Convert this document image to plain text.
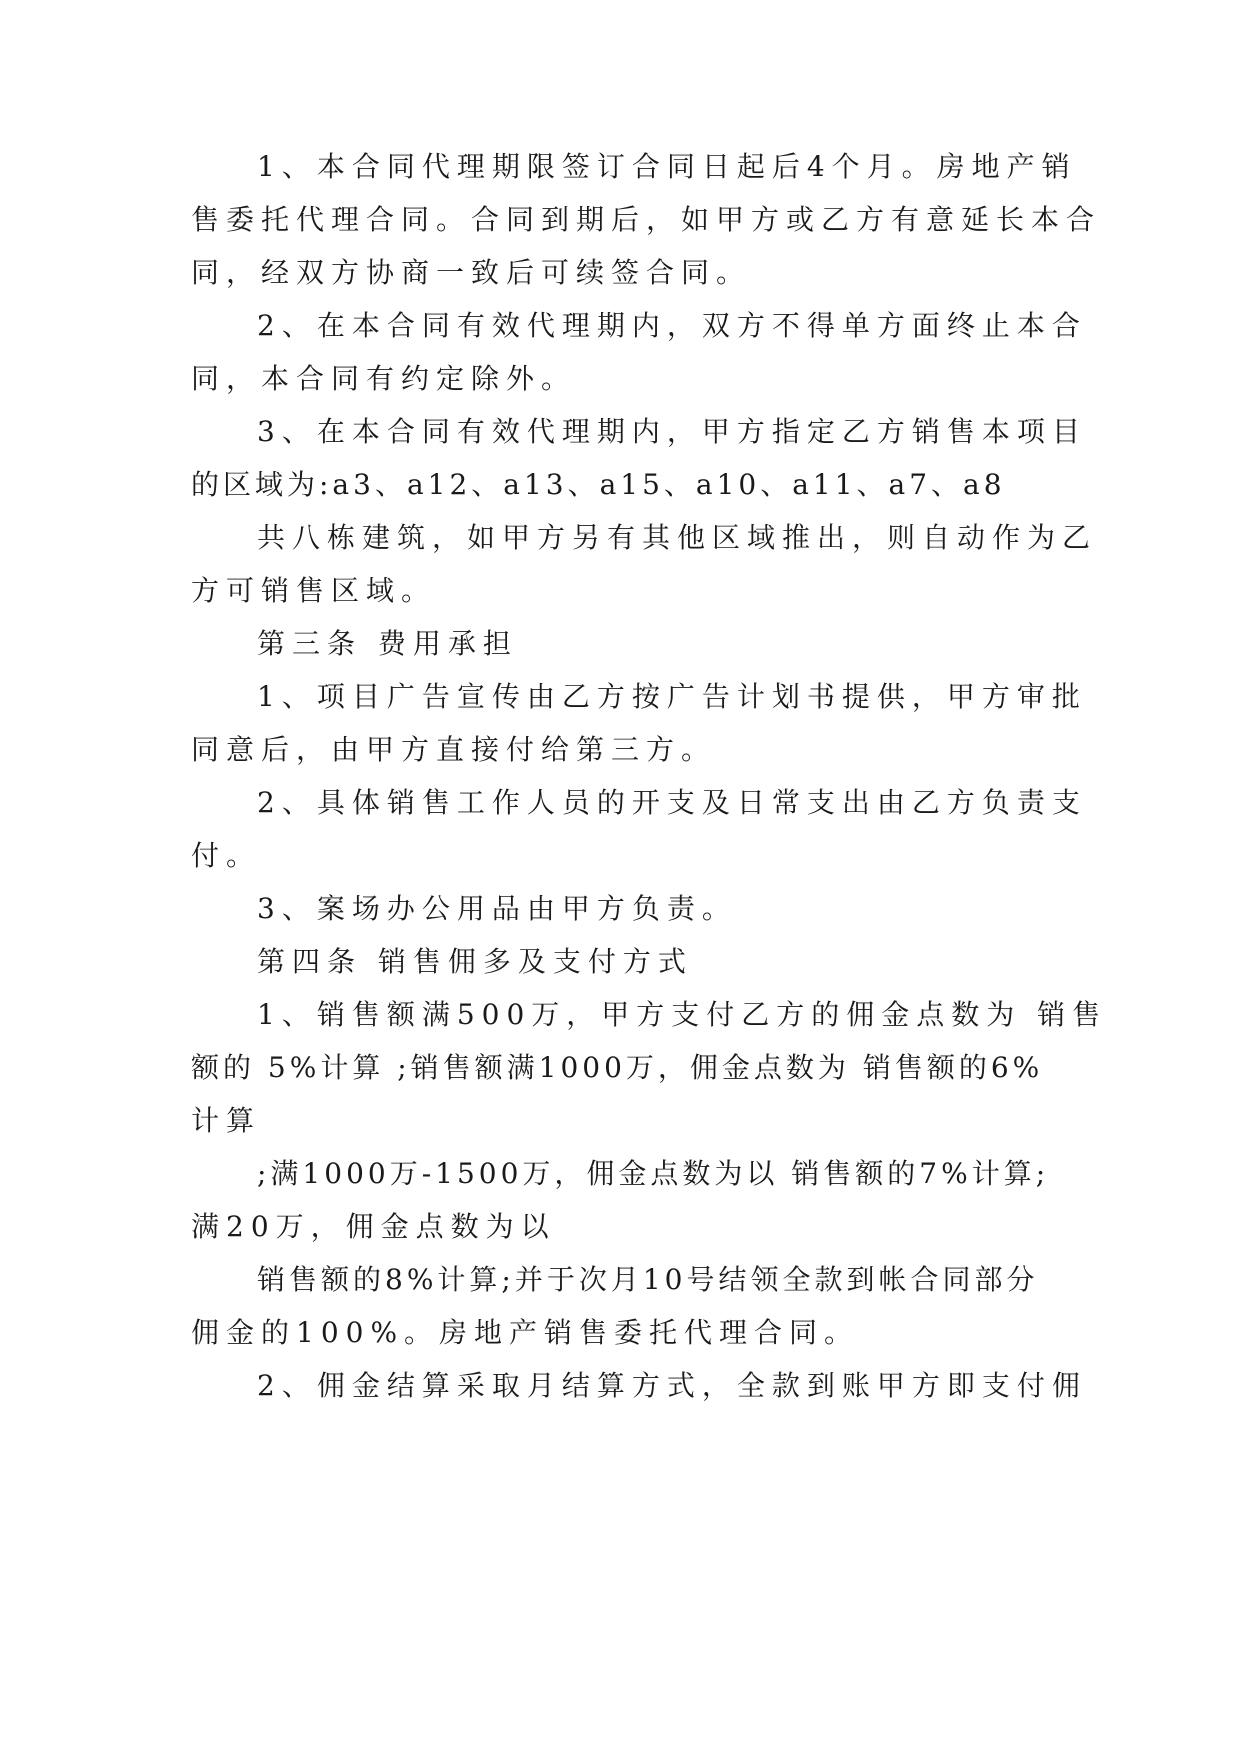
1、本合同代理期限签订合同日起后4个月。房地产销

售委托代理合同。合同到期后，如甲方或乙方有意延长本合

同，经双方协商一致后可续签合同。

2、在本合同有效代理期内，双方不得单方面终止本合

同，本合同有约定除外。

3、在本合同有效代理期内，甲方指定乙方销售本项目

的区域为:a3、a12、a13、a15、a10、a11、a7、a8

共八栋建筑，如甲方另有其他区域推出，则自动作为乙

方可销售区域。

第三条 费用承担

1、项目广告宣传由乙方按广告计划书提供，甲方审批

同意后，由甲方直接付给第三方。

2、具体销售工作人员的开支及日常支出由乙方负责支

付。

3、案场办公用品由甲方负责。

第四条 销售佣多及支付方式

1、销售额满500万，甲方支付乙方的佣金点数为 销售

额的 5%计算 ;销售额满1000万，佣金点数为 销售额的6%

计算

;满1000万-1500万，佣金点数为以 销售额的7%计算;

满20万，佣金点数为以

销售额的8%计算;并于次月10号结领全款到帐合同部分

佣金的100%。房地产销售委托代理合同。

2、佣金结算采取月结算方式，全款到账甲方即支付佣
